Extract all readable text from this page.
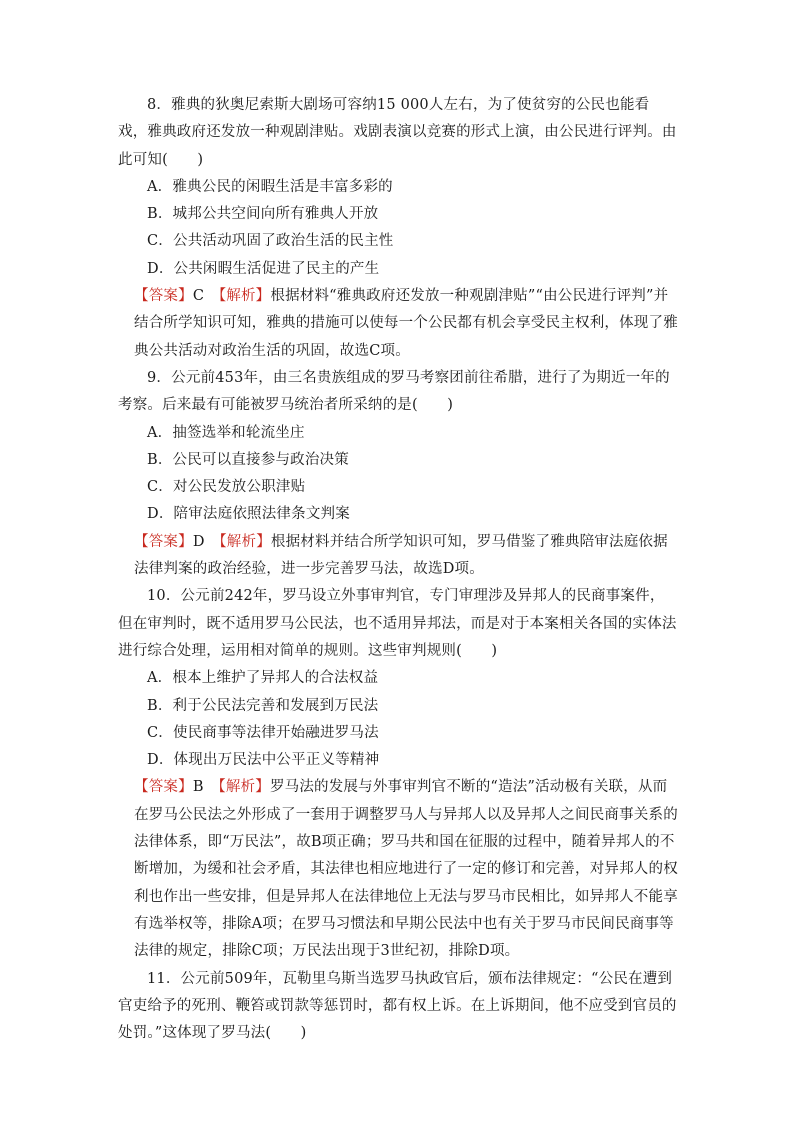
8．雅典的狄奥尼索斯大剧场可容纳15 000人左右，为了使贫穷的公民也能看戏，雅典政府还发放一种观剧津贴。戏剧表演以竞赛的形式上演，由公民进行评判。由此可知(　　)

A．雅典公民的闲暇生活是丰富多彩的

B．城邦公共空间向所有雅典人开放

C．公共活动巩固了政治生活的民主性

D．公共闲暇生活促进了民主的产生

【答案】C　【解析】根据材料“雅典政府还发放一种观剧津贴”“由公民进行评判”并结合所学知识可知，雅典的措施可以使每一个公民都有机会享受民主权利，体现了雅典公共活动对政治生活的巩固，故选C项。

9．公元前453年，由三名贵族组成的罗马考察团前往希腊，进行了为期近一年的考察。后来最有可能被罗马统治者所采纳的是(　　)

A．抽签选举和轮流坐庄

B．公民可以直接参与政治决策

C．对公民发放公职津贴

D．陪审法庭依照法律条文判案

【答案】D　【解析】根据材料并结合所学知识可知，罗马借鉴了雅典陪审法庭依据法律判案的政治经验，进一步完善罗马法，故选D项。

10．公元前242年，罗马设立外事审判官，专门审理涉及异邦人的民商事案件，但在审判时，既不适用罗马公民法，也不适用异邦法，而是对于本案相关各国的实体法进行综合处理，运用相对简单的规则。这些审判规则(　　)

A．根本上维护了异邦人的合法权益

B．利于公民法完善和发展到万民法

C．使民商事等法律开始融进罗马法

D．体现出万民法中公平正义等精神

【答案】B　【解析】罗马法的发展与外事审判官不断的“造法”活动极有关联，从而在罗马公民法之外形成了一套用于调整罗马人与异邦人以及异邦人之间民商事关系的法律体系，即“万民法”，故B项正确；罗马共和国在征服的过程中，随着异邦人的不断增加，为缓和社会矛盾，其法律也相应地进行了一定的修订和完善，对异邦人的权利也作出一些安排，但是异邦人在法律地位上无法与罗马市民相比，如异邦人不能享有选举权等，排除A项；在罗马习惯法和早期公民法中也有关于罗马市民间民商事等法律的规定，排除C项；万民法出现于3世纪初，排除D项。

11．公元前509年，瓦勒里乌斯当选罗马执政官后，颁布法律规定：“公民在遭到官吏给予的死刑、鞭笞或罚款等惩罚时，都有权上诉。在上诉期间，他不应受到官员的处罚。”这体现了罗马法(　　)
